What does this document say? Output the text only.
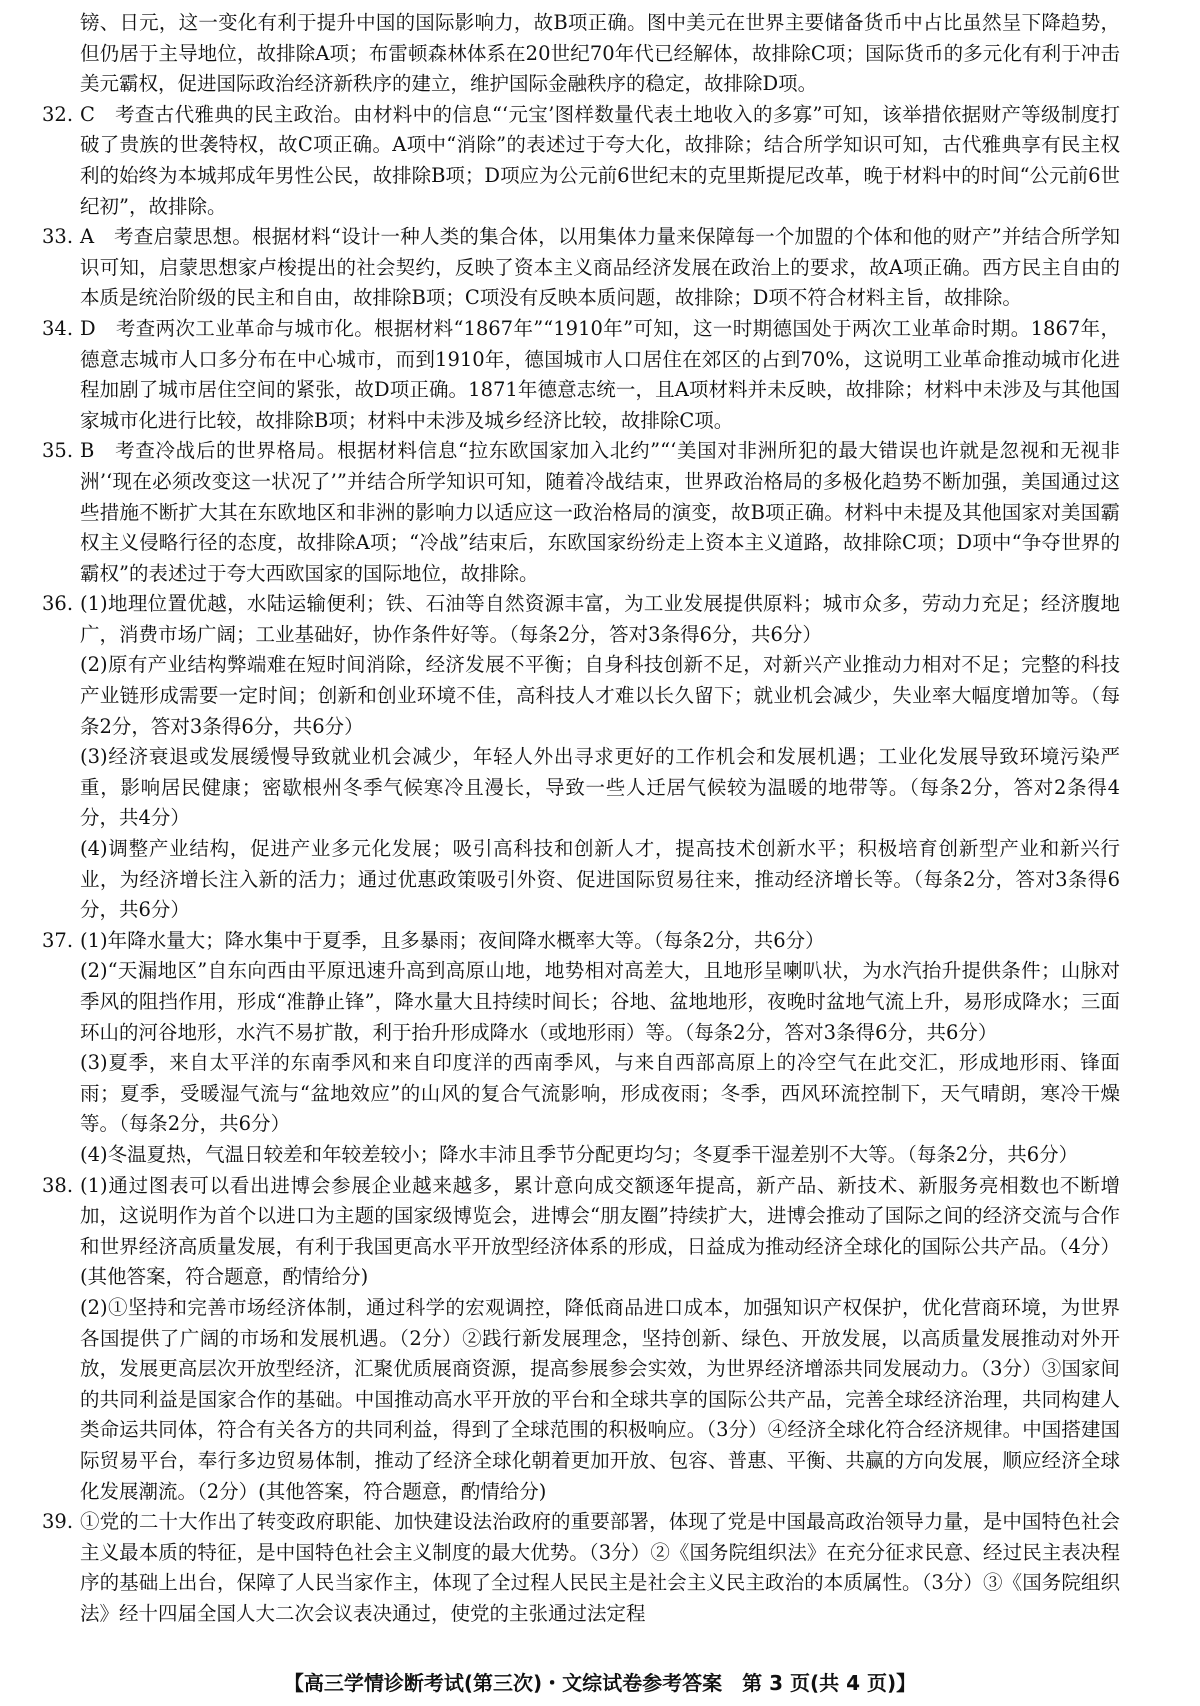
镑、日元，这一变化有利于提升中国的国际影响力，故B项正确。图中美元在世界主要储备货币中占比虽然呈下降趋势，但仍居于主导地位，故排除A项；布雷顿森林体系在20世纪70年代已经解体，故排除C项；国际货币的多元化有利于冲击美元霸权，促进国际政治经济新秩序的建立，维护国际金融秩序的稳定，故排除D项。

32. C　考查古代雅典的民主政治。由材料中的信息“‘元宝’图样数量代表土地收入的多寡”可知，该举措依据财产等级制度打破了贵族的世袭特权，故C项正确。A项中“消除”的表述过于夸大化，故排除；结合所学知识可知，古代雅典享有民主权利的始终为本城邦成年男性公民，故排除B项；D项应为公元前6世纪末的克里斯提尼改革，晚于材料中的时间“公元前6世纪初”，故排除。

33. A　考查启蒙思想。根据材料“设计一种人类的集合体，以用集体力量来保障每一个加盟的个体和他的财产”并结合所学知识可知，启蒙思想家卢梭提出的社会契约，反映了资本主义商品经济发展在政治上的要求，故A项正确。西方民主自由的本质是统治阶级的民主和自由，故排除B项；C项没有反映本质问题，故排除；D项不符合材料主旨，故排除。

34. D　考查两次工业革命与城市化。根据材料“1867年”“1910年”可知，这一时期德国处于两次工业革命时期。1867年，德意志城市人口多分布在中心城市，而到1910年，德国城市人口居住在郊区的占到70%，这说明工业革命推动城市化进程加剧了城市居住空间的紧张，故D项正确。1871年德意志统一，且A项材料并未反映，故排除；材料中未涉及与其他国家城市化进行比较，故排除B项；材料中未涉及城乡经济比较，故排除C项。

35. B　考查冷战后的世界格局。根据材料信息“拉东欧国家加入北约”“‘美国对非洲所犯的最大错误也许就是忽视和无视非洲’‘现在必须改变这一状况了’”并结合所学知识可知，随着冷战结束，世界政治格局的多极化趋势不断加强，美国通过这些措施不断扩大其在东欧地区和非洲的影响力以适应这一政治格局的演变，故B项正确。材料中未提及其他国家对美国霸权主义侵略行径的态度，故排除A项；“冷战”结束后，东欧国家纷纷走上资本主义道路，故排除C项；D项中“争夺世界的霸权”的表述过于夸大西欧国家的国际地位，故排除。

36. (1)地理位置优越，水陆运输便利；铁、石油等自然资源丰富，为工业发展提供原料；城市众多，劳动力充足；经济腹地广，消费市场广阔；工业基础好，协作条件好等。（每条2分，答对3条得6分，共6分）

(2)原有产业结构弊端难在短时间消除，经济发展不平衡；自身科技创新不足，对新兴产业推动力相对不足；完整的科技产业链形成需要一定时间；创新和创业环境不佳，高科技人才难以长久留下；就业机会减少，失业率大幅度增加等。（每条2分，答对3条得6分，共6分）

(3)经济衰退或发展缓慢导致就业机会减少，年轻人外出寻求更好的工作机会和发展机遇；工业化发展导致环境污染严重，影响居民健康；密歇根州冬季气候寒冷且漫长，导致一些人迁居气候较为温暖的地带等。（每条2分，答对2条得4分，共4分）

(4)调整产业结构，促进产业多元化发展；吸引高科技和创新人才，提高技术创新水平；积极培育创新型产业和新兴行业，为经济增长注入新的活力；通过优惠政策吸引外资、促进国际贸易往来，推动经济增长等。（每条2分，答对3条得6分，共6分）

37. (1)年降水量大；降水集中于夏季，且多暴雨；夜间降水概率大等。（每条2分，共6分）

(2)“天漏地区”自东向西由平原迅速升高到高原山地，地势相对高差大，且地形呈喇叭状，为水汽抬升提供条件；山脉对季风的阻挡作用，形成“准静止锋”，降水量大且持续时间长；谷地、盆地地形，夜晚时盆地气流上升，易形成降水；三面环山的河谷地形，水汽不易扩散，利于抬升形成降水（或地形雨）等。（每条2分，答对3条得6分，共6分）

(3)夏季，来自太平洋的东南季风和来自印度洋的西南季风，与来自西部高原上的冷空气在此交汇，形成地形雨、锋面雨；夏季，受暖湿气流与“盆地效应”的山风的复合气流影响，形成夜雨；冬季，西风环流控制下，天气晴朗，寒冷干燥等。（每条2分，共6分）

(4)冬温夏热，气温日较差和年较差较小；降水丰沛且季节分配更均匀；冬夏季干湿差别不大等。（每条2分，共6分）

38. (1)通过图表可以看出进博会参展企业越来越多，累计意向成交额逐年提高，新产品、新技术、新服务亮相数也不断增加，这说明作为首个以进口为主题的国家级博览会，进博会“朋友圈”持续扩大，进博会推动了国际之间的经济交流与合作和世界经济高质量发展，有利于我国更高水平开放型经济体系的形成，日益成为推动经济全球化的国际公共产品。（4分）(其他答案，符合题意，酌情给分)

(2)①坚持和完善市场经济体制，通过科学的宏观调控，降低商品进口成本，加强知识产权保护，优化营商环境，为世界各国提供了广阔的市场和发展机遇。（2分）②践行新发展理念，坚持创新、绿色、开放发展，以高质量发展推动对外开放，发展更高层次开放型经济，汇聚优质展商资源，提高参展参会实效，为世界经济增添共同发展动力。（3分）③国家间的共同利益是国家合作的基础。中国推动高水平开放的平台和全球共享的国际公共产品，完善全球经济治理，共同构建人类命运共同体，符合有关各方的共同利益，得到了全球范围的积极响应。（3分）④经济全球化符合经济规律。中国搭建国际贸易平台，奉行多边贸易体制，推动了经济全球化朝着更加开放、包容、普惠、平衡、共赢的方向发展，顺应经济全球化发展潮流。（2分）(其他答案，符合题意，酌情给分)

39. ①党的二十大作出了转变政府职能、加快建设法治政府的重要部署，体现了党是中国最高政治领导力量，是中国特色社会主义最本质的特征，是中国特色社会主义制度的最大优势。（3分）②《国务院组织法》在充分征求民意、经过民主表决程序的基础上出台，保障了人民当家作主，体现了全过程人民民主是社会主义民主政治的本质属性。（3分）③《国务院组织法》经十四届全国人大二次会议表决通过，使党的主张通过法定程

【高三学情诊断考试(第三次)・文综试卷参考答案　第 3 页(共 4 页)】
